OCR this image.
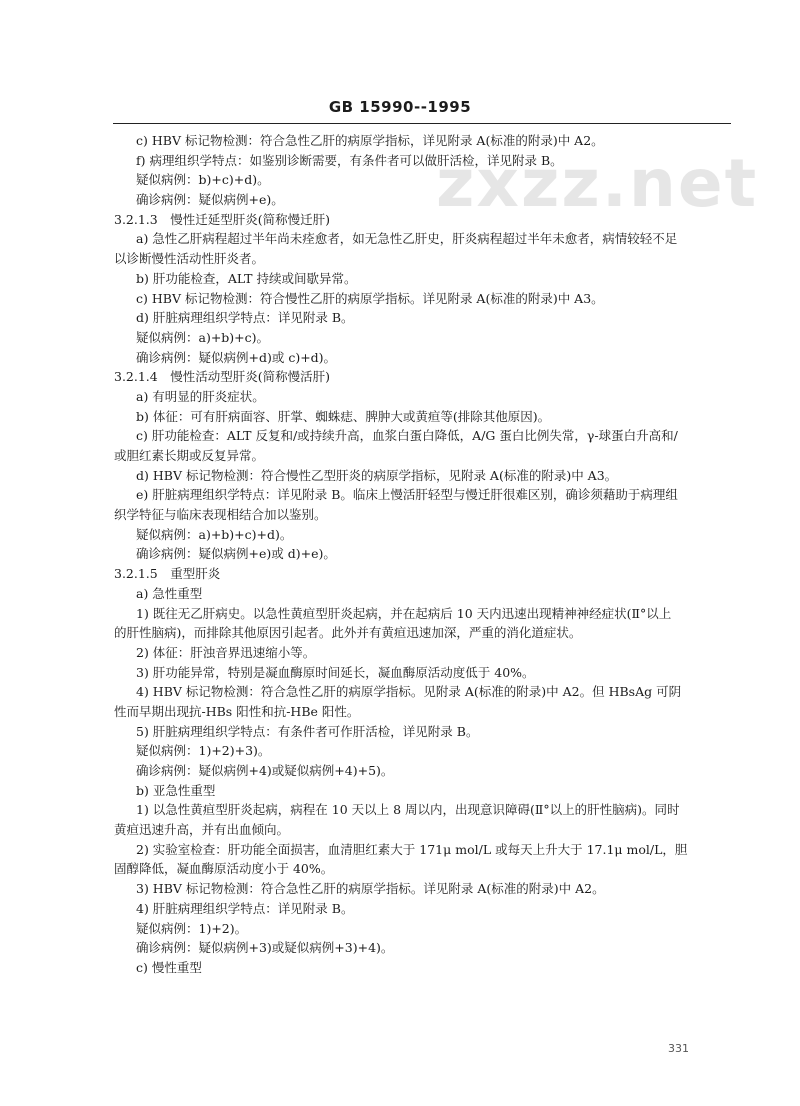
GB 15990--1995
zxzz.net
c) HBV 标记物检测：符合急性乙肝的病原学指标，详见附录 A(标准的附录)中 A2。
f) 病理组织学特点：如鉴别诊断需要，有条件者可以做肝活检，详见附录 B。
疑似病例：b)+c)+d)。
确诊病例：疑似病例+e)。
3.2.1.3　慢性迁延型肝炎(简称慢迁肝)
a) 急性乙肝病程超过半年尚未痊愈者，如无急性乙肝史，肝炎病程超过半年未愈者，病情较轻不足
以诊断慢性活动性肝炎者。
b) 肝功能检查，ALT 持续或间歇异常。
c) HBV 标记物检测：符合慢性乙肝的病原学指标。详见附录 A(标准的附录)中 A3。
d) 肝脏病理组织学特点：详见附录 B。
疑似病例：a)+b)+c)。
确诊病例：疑似病例+d)或 c)+d)。
3.2.1.4　慢性活动型肝炎(简称慢活肝)
a) 有明显的肝炎症状。
b) 体征：可有肝病面容、肝掌、蜘蛛痣、脾肿大或黄疸等(排除其他原因)。
c) 肝功能检查：ALT 反复和/或持续升高，血浆白蛋白降低，A/G 蛋白比例失常，γ-球蛋白升高和/
或胆红素长期或反复异常。
d) HBV 标记物检测：符合慢性乙型肝炎的病原学指标，见附录 A(标准的附录)中 A3。
e) 肝脏病理组织学特点：详见附录 B。临床上慢活肝轻型与慢迁肝很难区别，确诊须藉助于病理组
织学特征与临床表现相结合加以鉴别。
疑似病例：a)+b)+c)+d)。
确诊病例：疑似病例+e)或 d)+e)。
3.2.1.5　重型肝炎
a) 急性重型
1) 既往无乙肝病史。以急性黄疸型肝炎起病，并在起病后 10 天内迅速出现精神神经症状(Ⅱ°以上
的肝性脑病)，而排除其他原因引起者。此外并有黄疸迅速加深，严重的消化道症状。
2) 体征：肝浊音界迅速缩小等。
3) 肝功能异常，特别是凝血酶原时间延长，凝血酶原活动度低于 40%。
4) HBV 标记物检测：符合急性乙肝的病原学指标。见附录 A(标准的附录)中 A2。但 HBsAg 可阴
性而早期出现抗-HBs 阳性和抗-HBe 阳性。
5) 肝脏病理组织学特点：有条件者可作肝活检，详见附录 B。
疑似病例：1)+2)+3)。
确诊病例：疑似病例+4)或疑似病例+4)+5)。
b) 亚急性重型
1) 以急性黄疸型肝炎起病，病程在 10 天以上 8 周以内，出现意识障碍(Ⅱ°以上的肝性脑病)。同时
黄疸迅速升高，并有出血倾向。
2) 实验室检查：肝功能全面损害，血清胆红素大于 171μ mol/L 或每天上升大于 17.1μ mol/L，胆
固醇降低，凝血酶原活动度小于 40%。
3) HBV 标记物检测：符合急性乙肝的病原学指标。详见附录 A(标准的附录)中 A2。
4) 肝脏病理组织学特点：详见附录 B。
疑似病例：1)+2)。
确诊病例：疑似病例+3)或疑似病例+3)+4)。
c) 慢性重型
331
